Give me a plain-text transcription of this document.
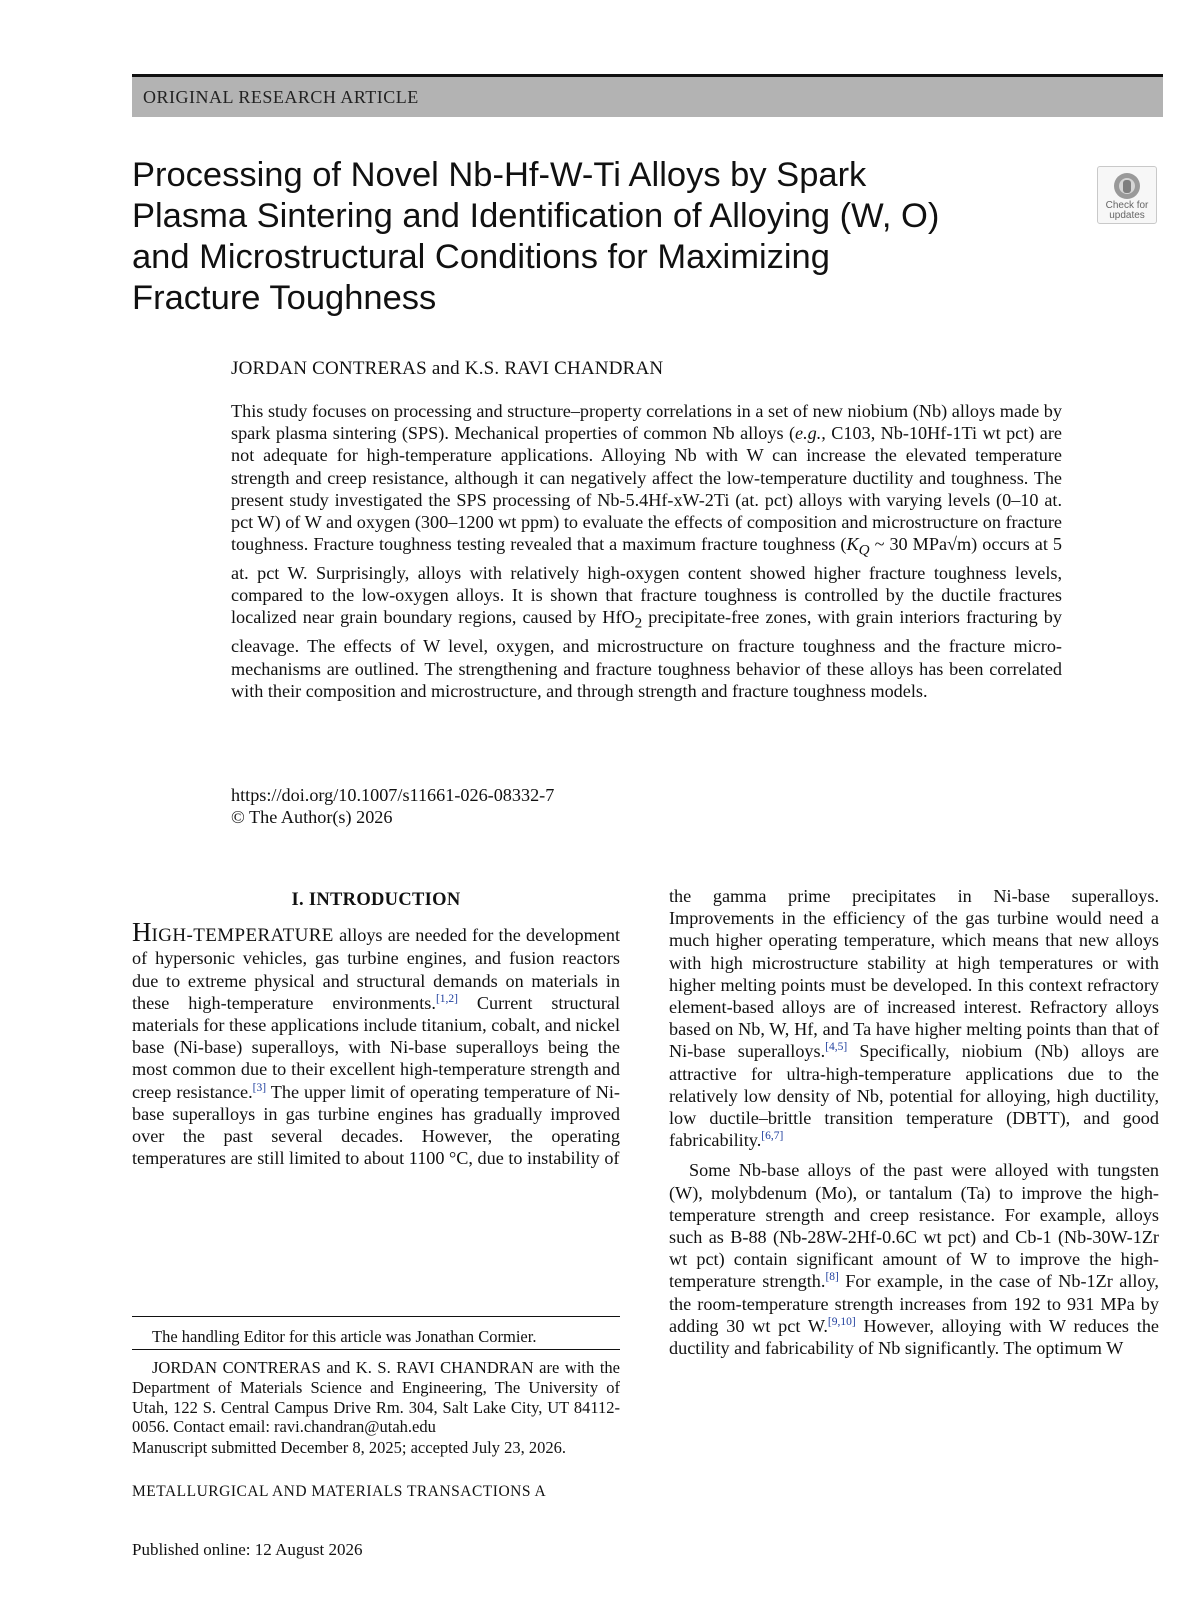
ORIGINAL RESEARCH ARTICLE
Processing of Novel Nb-Hf-W-Ti Alloys by Spark
Plasma Sintering and Identification of Alloying (W, O)
and Microstructural Conditions for Maximizing
Fracture Toughness
Check for
updates
JORDAN CONTRERAS and K.S. RAVI CHANDRAN

This study focuses on processing and structure–property correlations in a set of new niobium (Nb) alloys made by spark plasma sintering (SPS). Mechanical properties of common Nb alloys (e.g., C103, Nb-10Hf-1Ti wt pct) are not adequate for high-temperature applications. Alloying Nb with W can increase the elevated temperature strength and creep resistance, although it can negatively affect the low-temperature ductility and toughness. The present study investigated the SPS processing of Nb-5.4Hf-xW-2Ti (at. pct) alloys with varying levels (0–10 at. pct W) of W and oxygen (300–1200 wt ppm) to evaluate the effects of composition and microstructure on fracture toughness. Fracture toughness testing revealed that a maximum fracture toughness ($K_Q$ ~ 30 MPa√m) occurs at 5 at. pct W. Surprisingly, alloys with relatively high-oxygen content showed higher fracture toughness levels, compared to the low-oxygen alloys. It is shown that fracture toughness is controlled by the ductile fractures localized near grain boundary regions, caused by HfO$_2$ precipitate-free zones, with grain interiors fracturing by cleavage. The effects of W level, oxygen, and microstructure on fracture toughness and the fracture micro-mechanisms are outlined. The strengthening and fracture toughness behavior of these alloys has been correlated with their composition and microstructure, and through strength and fracture toughness models.

https://doi.org/10.1007/s11661-026-08332-7
© The Author(s) 2026
I. INTRODUCTION

HIGH-TEMPERATURE alloys are needed for the development of hypersonic vehicles, gas turbine engines, and fusion reactors due to extreme physical and structural demands on materials in these high-temperature environments.[1,2] Current structural materials for these applications include titanium, cobalt, and nickel base (Ni-base) superalloys, with Ni-base superalloys being the most common due to their excellent high-temperature strength and creep resistance.[3] The upper limit of operating temperature of Ni-base superalloys in gas turbine engines has gradually improved over the past several decades. However, the operating temperatures are still limited to about 1100 °C, due to instability of

the gamma prime precipitates in Ni-base superalloys. Improvements in the efficiency of the gas turbine would need a much higher operating temperature, which means that new alloys with high microstructure stability at high temperatures or with higher melting points must be developed. In this context refractory element-based alloys are of increased interest. Refractory alloys based on Nb, W, Hf, and Ta have higher melting points than that of Ni-base superalloys.[4,5] Specifically, niobium (Nb) alloys are attractive for ultra-high-temperature applications due to the relatively low density of Nb, potential for alloying, high ductility, low ductile–brittle transition temperature (DBTT), and good fabricability.[6,7]

Some Nb-base alloys of the past were alloyed with tungsten (W), molybdenum (Mo), or tantalum (Ta) to improve the high-temperature strength and creep resistance. For example, alloys such as B-88 (Nb-28W-2Hf-0.6C wt pct) and Cb-1 (Nb-30W-1Zr wt pct) contain significant amount of W to improve the high-temperature strength.[8] For example, in the case of Nb-1Zr alloy, the room-temperature strength increases from 192 to 931 MPa by adding 30 wt pct W.[9,10] However, alloying with W reduces the ductility and fabricability of Nb significantly. The optimum W

The handling Editor for this article was Jonathan Cormier.

JORDAN CONTRERAS and K. S. RAVI CHANDRAN are with the Department of Materials Science and Engineering, The University of Utah, 122 S. Central Campus Drive Rm. 304, Salt Lake City, UT 84112-0056. Contact email: ravi.chandran@utah.edu

Manuscript submitted December 8, 2025; accepted July 23, 2026.
METALLURGICAL AND MATERIALS TRANSACTIONS A
Published online: 12 August 2026
